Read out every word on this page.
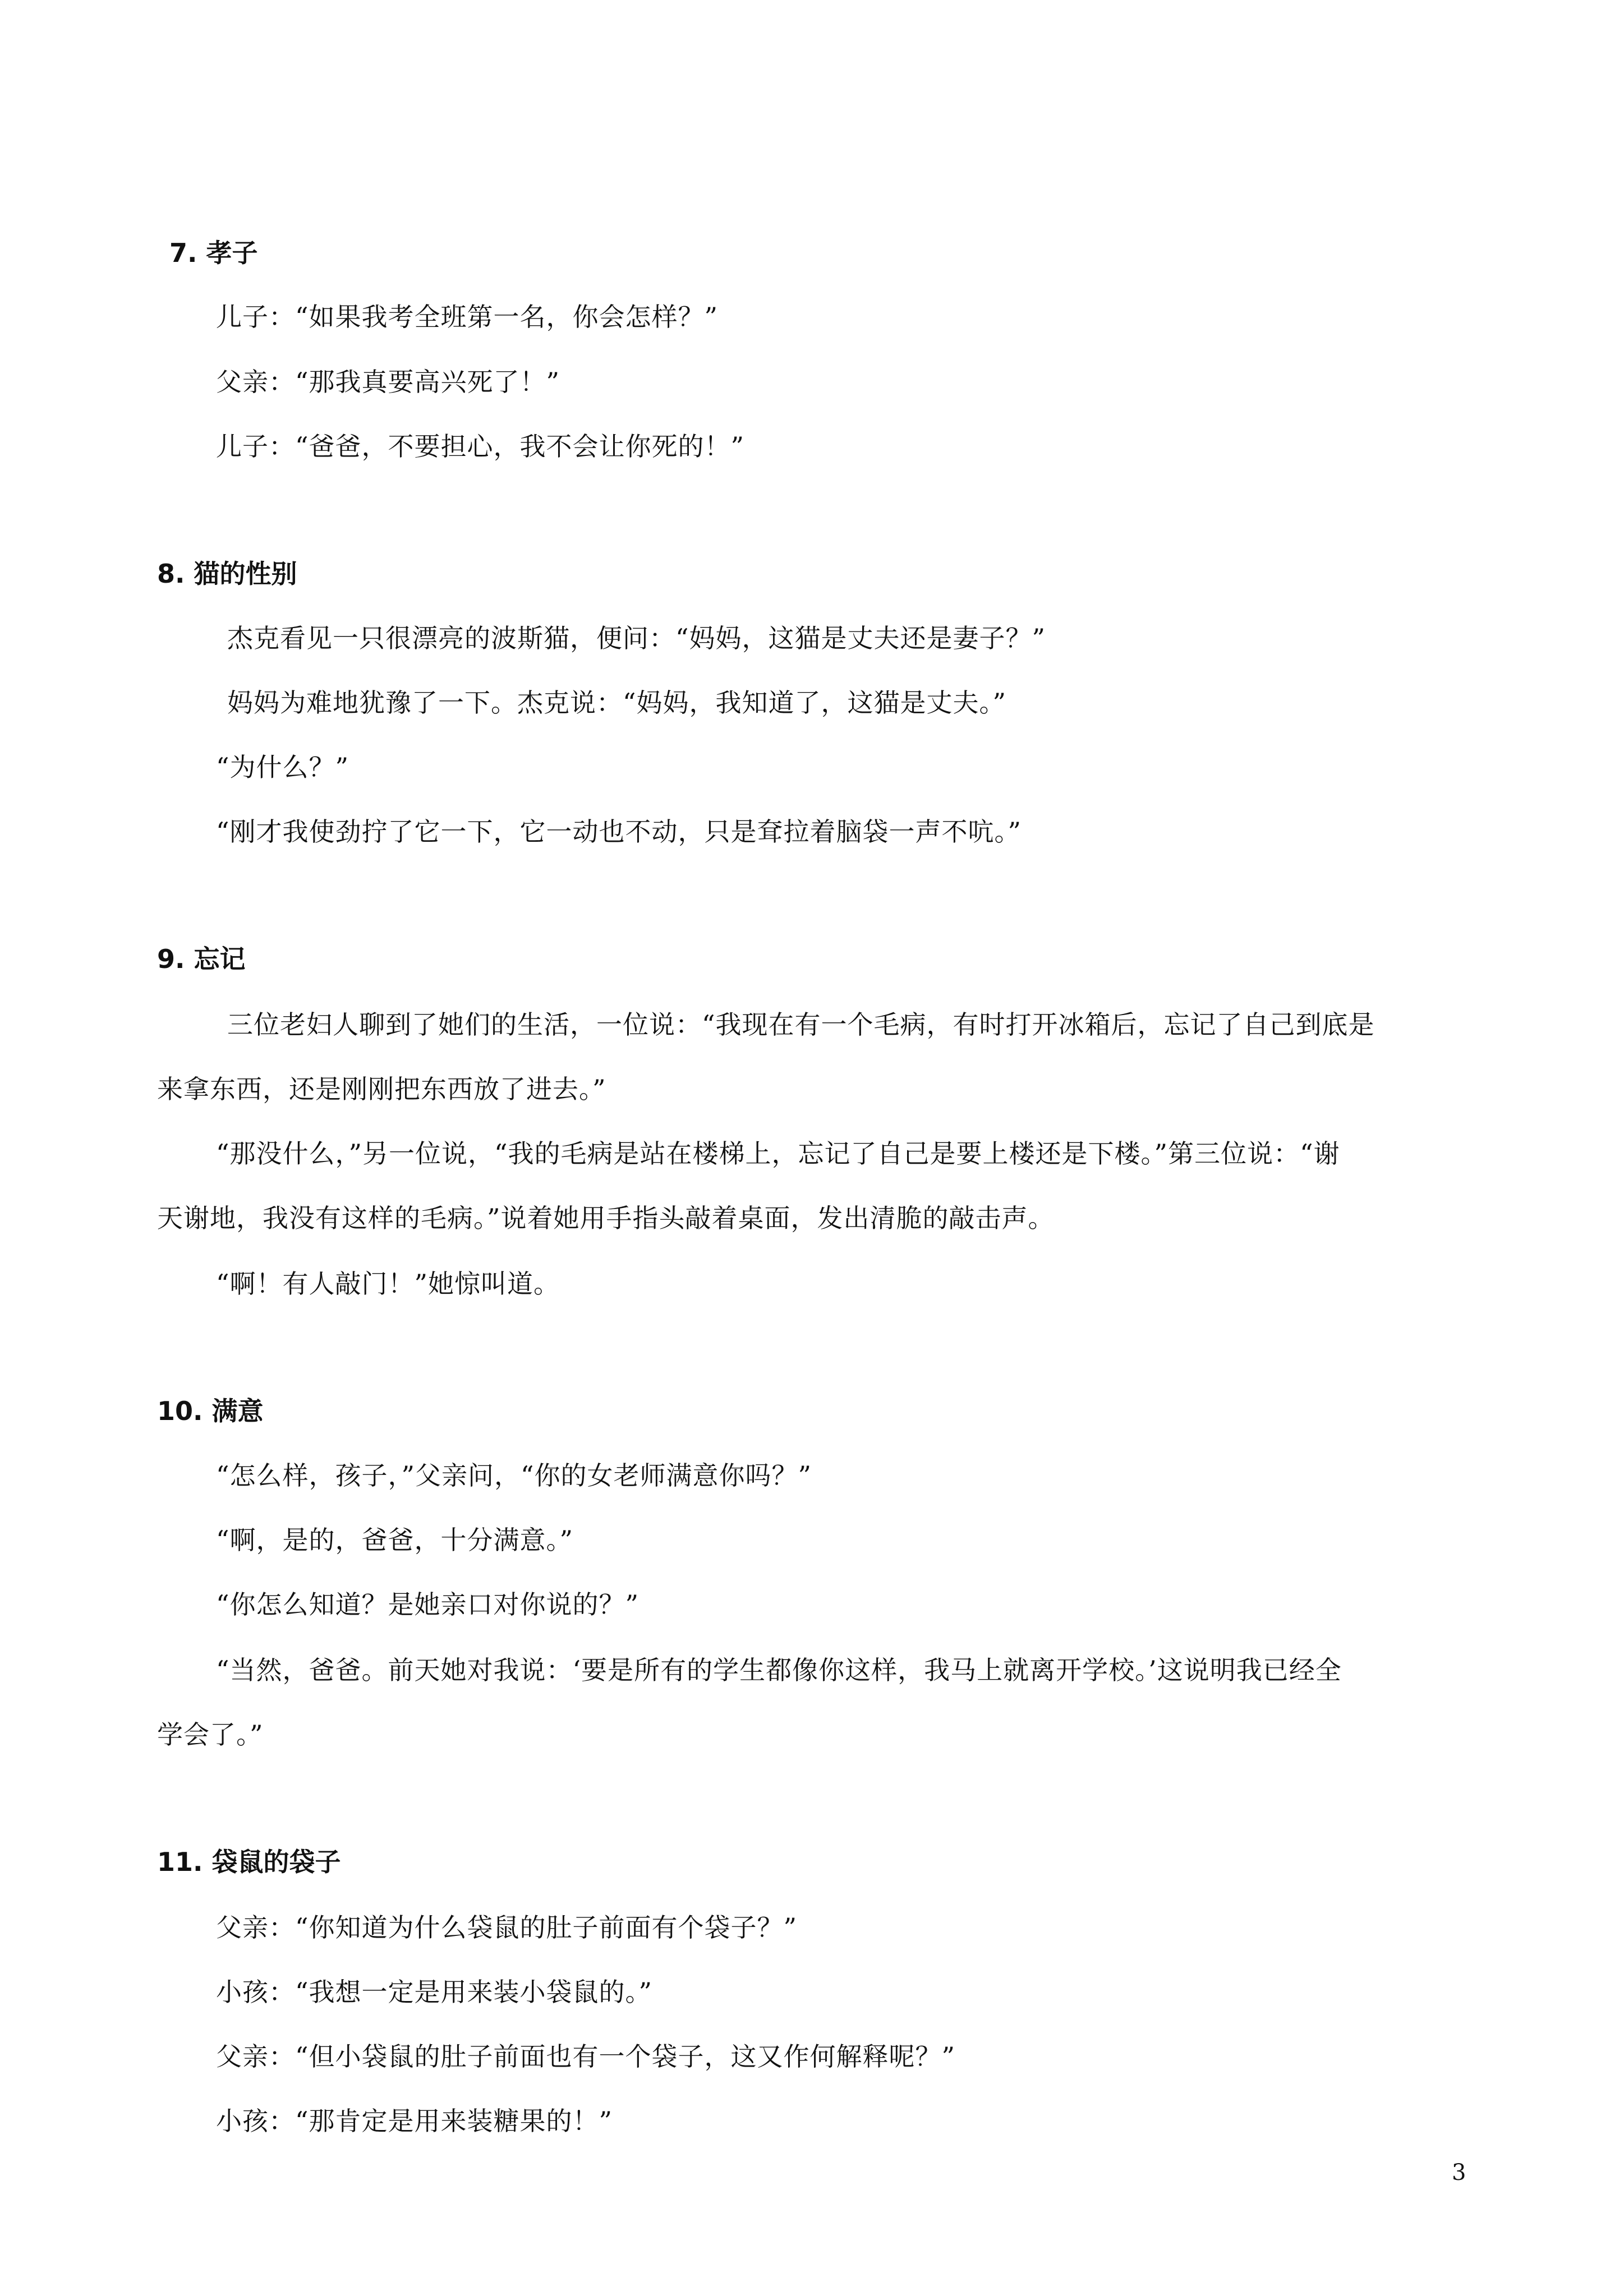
7. 孝子
儿子：“如果我考全班第一名，你会怎样？”
父亲：“那我真要高兴死了！”
儿子：“爸爸，不要担心，我不会让你死的！”
8. 猫的性别
杰克看见一只很漂亮的波斯猫，便问：“妈妈，这猫是丈夫还是妻子？”
妈妈为难地犹豫了一下。杰克说：“妈妈，我知道了，这猫是丈夫。”
“为什么？”
“刚才我使劲拧了它一下，它一动也不动，只是耷拉着脑袋一声不吭。”
9. 忘记
三位老妇人聊到了她们的生活，一位说：“我现在有一个毛病，有时打开冰箱后，忘记了自己到底是
来拿东西，还是刚刚把东西放了进去。”
“那没什么，”另一位说，“我的毛病是站在楼梯上，忘记了自己是要上楼还是下楼。”第三位说：“谢
天谢地，我没有这样的毛病。”说着她用手指头敲着桌面，发出清脆的敲击声。
“啊！有人敲门！”她惊叫道。
10. 满意
“怎么样，孩子，”父亲问，“你的女老师满意你吗？”
“啊，是的，爸爸，十分满意。”
“你怎么知道？是她亲口对你说的？”
“当然，爸爸。前天她对我说：‘要是所有的学生都像你这样，我马上就离开学校。’这说明我已经全
学会了。”
11. 袋鼠的袋子
父亲：“你知道为什么袋鼠的肚子前面有个袋子？”
小孩：“我想一定是用来装小袋鼠的。”
父亲：“但小袋鼠的肚子前面也有一个袋子，这又作何解释呢？”
小孩：“那肯定是用来装糖果的！”
3
